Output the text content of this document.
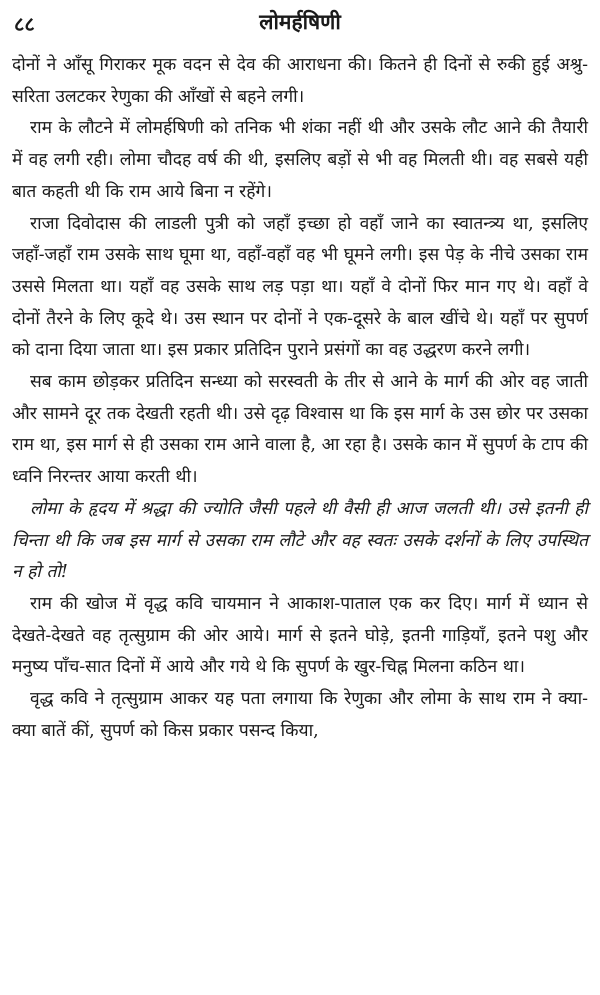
८८	लोमर्हषिणी

दोनों ने आँसू गिराकर मूक वदन से देव की आराधना की। कितने ही दिनों से रुकी हुई अश्रु-सरिता उलटकर रेणुका की आँखों से बहने लगी।

राम के लौटने में लोमर्हषिणी को तनिक भी शंका नहीं थी और उसके लौट आने की तैयारी में वह लगी रही। लोमा चौदह वर्ष की थी, इसलिए बड़ों से भी वह मिलती थी। वह सबसे यही बात कहती थी कि राम आये बिना न रहेंगे।

राजा दिवोदास की लाडली पुत्री को जहाँ इच्छा हो वहाँ जाने का स्वातन्त्र्य था, इसलिए जहाँ-जहाँ राम उसके साथ घूमा था, वहाँ-वहाँ वह भी घूमने लगी। इस पेड़ के नीचे उसका राम उससे मिलता था। यहाँ वह उसके साथ लड़ पड़ा था। यहाँ वे दोनों फिर मान गए थे। वहाँ वे दोनों तैरने के लिए कूदे थे। उस स्थान पर दोनों ने एक-दूसरे के बाल खींचे थे। यहाँ पर सुपर्ण को दाना दिया जाता था। इस प्रकार प्रतिदिन पुराने प्रसंगों का वह उद्धरण करने लगी।

सब काम छोड़कर प्रतिदिन सन्ध्या को सरस्वती के तीर से आने के मार्ग की ओर वह जाती और सामने दूर तक देखती रहती थी। उसे दृढ़ विश्वास था कि इस मार्ग के उस छोर पर उसका राम था, इस मार्ग से ही उसका राम आने वाला है, आ रहा है। उसके कान में सुपर्ण के टाप की ध्वनि निरन्तर आया करती थी।

लोमा के हृदय में श्रद्धा की ज्योति जैसी पहले थी वैसी ही आज जलती थी। उसे इतनी ही चिन्ता थी कि जब इस मार्ग से उसका राम लौटे और वह स्वतः उसके दर्शनों के लिए उपस्थित न हो तो!

राम की खोज में वृद्ध कवि चायमान ने आकाश-पाताल एक कर दिए। मार्ग में ध्यान से देखते-देखते वह तृत्सुग्राम की ओर आये। मार्ग से इतने घोड़े, इतनी गाड़ियाँ, इतने पशु और मनुष्य पाँच-सात दिनों में आये और गये थे कि सुपर्ण के खुर-चिह्न मिलना कठिन था।

वृद्ध कवि ने तृत्सुग्राम आकर यह पता लगाया कि रेणुका और लोमा के साथ राम ने क्या-क्या बातें कीं, सुपर्ण को किस प्रकार पसन्द किया,
